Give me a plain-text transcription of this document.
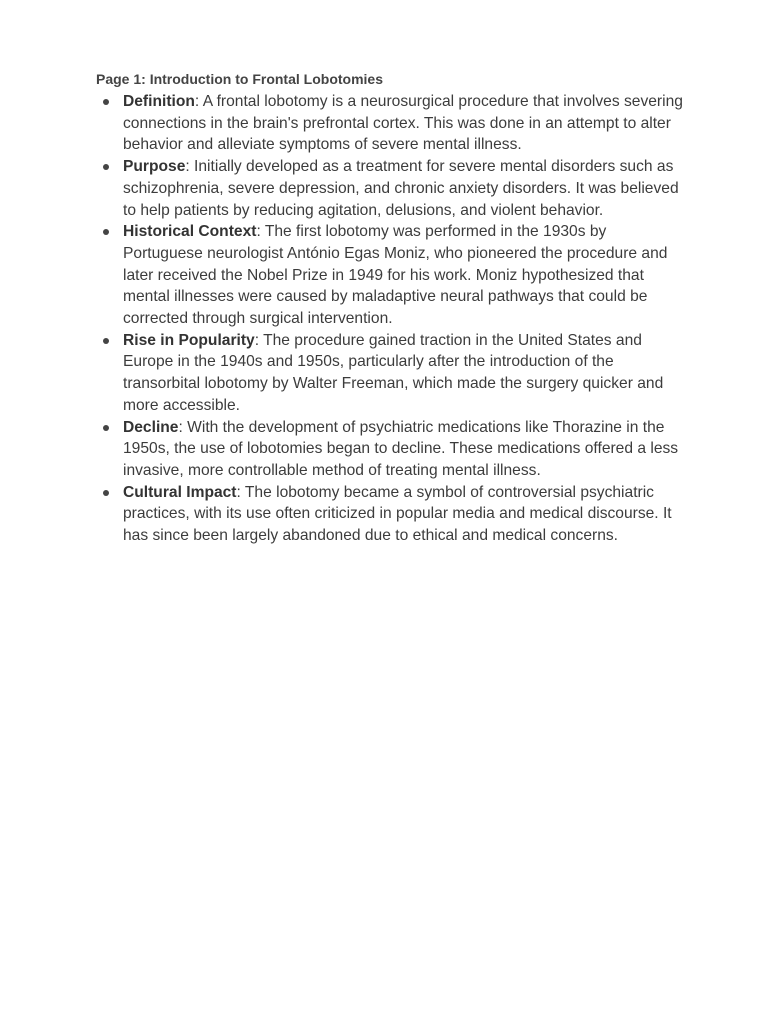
Page 1: Introduction to Frontal Lobotomies
Definition: A frontal lobotomy is a neurosurgical procedure that involves severing connections in the brain's prefrontal cortex. This was done in an attempt to alter behavior and alleviate symptoms of severe mental illness.
Purpose: Initially developed as a treatment for severe mental disorders such as schizophrenia, severe depression, and chronic anxiety disorders. It was believed to help patients by reducing agitation, delusions, and violent behavior.
Historical Context: The first lobotomy was performed in the 1930s by Portuguese neurologist António Egas Moniz, who pioneered the procedure and later received the Nobel Prize in 1949 for his work. Moniz hypothesized that mental illnesses were caused by maladaptive neural pathways that could be corrected through surgical intervention.
Rise in Popularity: The procedure gained traction in the United States and Europe in the 1940s and 1950s, particularly after the introduction of the transorbital lobotomy by Walter Freeman, which made the surgery quicker and more accessible.
Decline: With the development of psychiatric medications like Thorazine in the 1950s, the use of lobotomies began to decline. These medications offered a less invasive, more controllable method of treating mental illness.
Cultural Impact: The lobotomy became a symbol of controversial psychiatric practices, with its use often criticized in popular media and medical discourse. It has since been largely abandoned due to ethical and medical concerns.
